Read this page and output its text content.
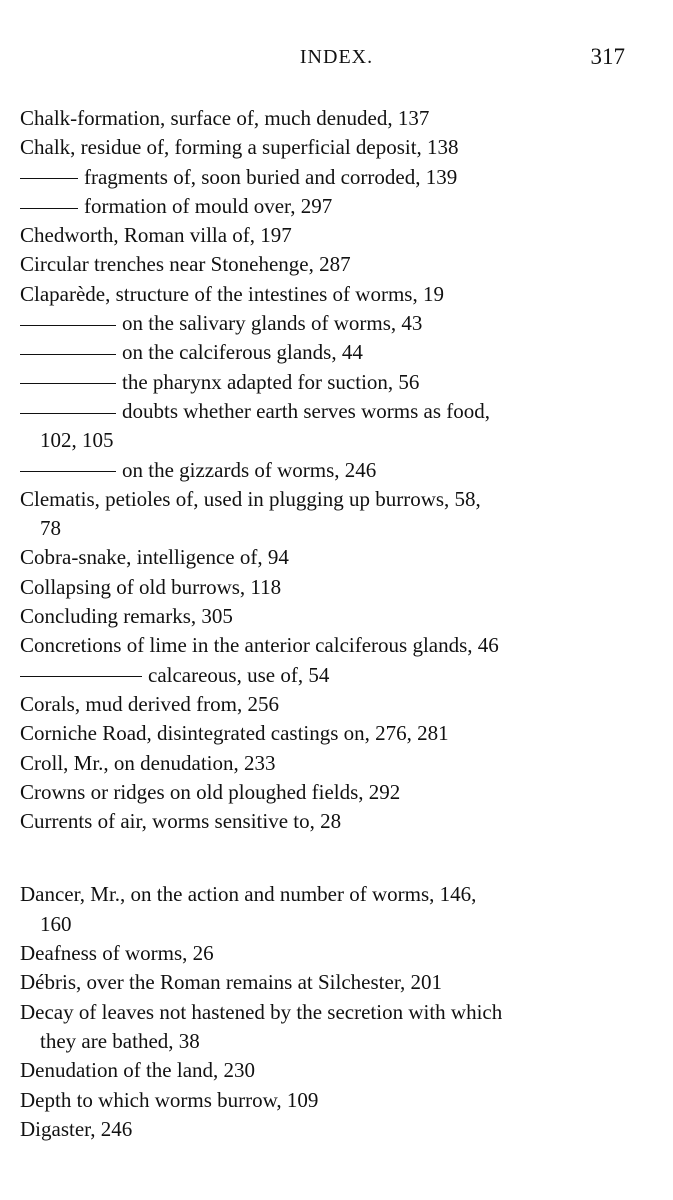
INDEX.	317
Chalk-formation, surface of, much denuded, 137
Chalk, residue of, forming a superficial deposit, 138
fragments of, soon buried and corroded, 139
formation of mould over, 297
Chedworth, Roman villa of, 197
Circular trenches near Stonehenge, 287
Claparède, structure of the intestines of worms, 19
on the salivary glands of worms, 43
on the calciferous glands, 44
the pharynx adapted for suction, 56
doubts whether earth serves worms as food,
102, 105
on the gizzards of worms, 246
Clematis, petioles of, used in plugging up burrows, 58,
78
Cobra-snake, intelligence of, 94
Collapsing of old burrows, 118
Concluding remarks, 305
Concretions of lime in the anterior calciferous glands, 46
calcareous, use of, 54
Corals, mud derived from, 256
Corniche Road, disintegrated castings on, 276, 281
Croll, Mr., on denudation, 233
Crowns or ridges on old ploughed fields, 292
Currents of air, worms sensitive to, 28
Dancer, Mr., on the action and number of worms, 146,
160
Deafness of worms, 26
Débris, over the Roman remains at Silchester, 201
Decay of leaves not hastened by the secretion with which
they are bathed, 38
Denudation of the land, 230
Depth to which worms burrow, 109
Digaster, 246
